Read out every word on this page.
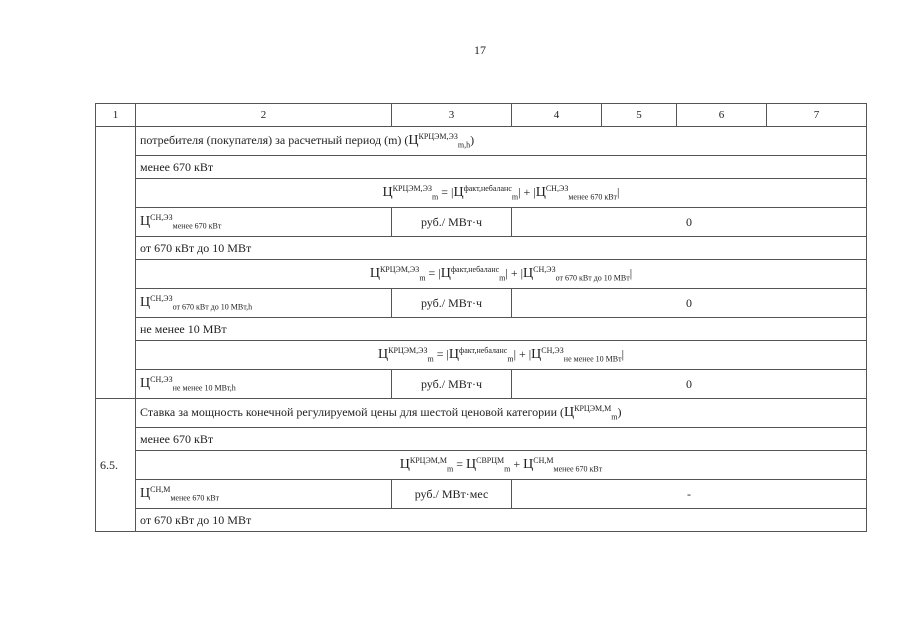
17
1	2	3	4	5	6	7
	потребителя (покупателя) за расчетный период (m) $(Ц^{КРЦЭМ,ЭЗ}_{m,h})$					
	менее 670 кВт					
	$Ц^{КРЦЭМ,ЭЗ}_m = |Ц^{факт,небаланс}_m| + |Ц^{СН,ЭЗ}_{менее 670 кВт}|$					
	$Ц^{СН,ЭЗ}_{менее 670 кВт}$	руб./ МВт·ч	0			
	от 670 кВт до 10 МВт					
	$Ц^{КРЦЭМ,ЭЗ}_m = |Ц^{факт,небаланс}_m| + |Ц^{СН,ЭЗ}_{от 670 кВт до 10 МВт}|$					
	$Ц^{СН,ЭЗ}_{от 670 кВт до 10 МВт,h}$	руб./ МВт·ч	0			
	не менее 10 МВт					
	$Ц^{КРЦЭМ,ЭЗ}_m = |Ц^{факт,небаланс}_m| + |Ц^{СН,ЭЗ}_{не менее 10 МВт}|$					
	$Ц^{СН,ЭЗ}_{не менее 10 МВт,h}$	руб./ МВт·ч	0			
6.5.	Ставка за мощность конечной регулируемой цены для шестой ценовой категории $(Ц^{КРЦЭМ,М}_m)$					
	менее 670 кВт					
	$Ц^{КРЦЭМ,М}_m = Ц^{СВРЦМ}_m + Ц^{СН,М}_{менее 670 кВт}$
	$Ц^{СН,М}_{менее 670 кВт}$	руб./ МВт·мес	-			
	от 670 кВт до 10 МВт					
